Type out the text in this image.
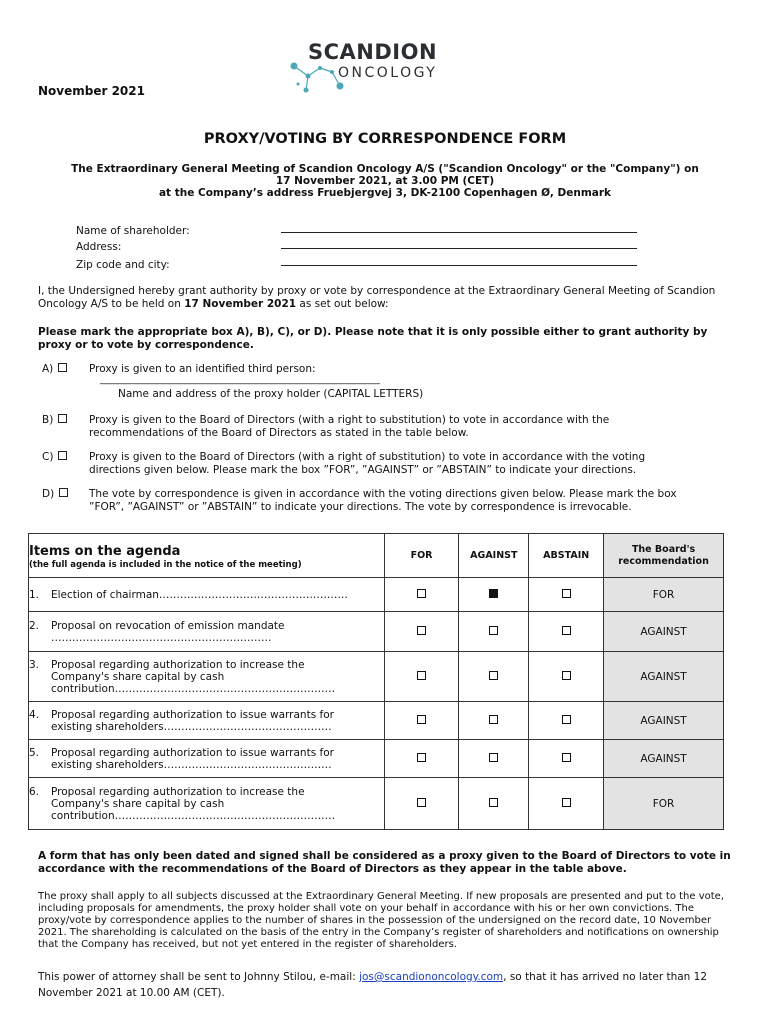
November 2021
SCANDION
ONCOLOGY
PROXY/VOTING BY CORRESPONDENCE FORM
The Extraordinary General Meeting of Scandion Oncology A/S ("Scandion Oncology" or the "Company") on
17 November 2021, at 3.00 PM (CET)
at the Company’s address Fruebjergvej 3, DK-2100 Copenhagen Ø, Denmark
Name of shareholder:
Address:
Zip code and city:
I, the Undersigned hereby grant authority by proxy or vote by correspondence at the Extraordinary General Meeting of Scandion Oncology A/S to be held on 17 November 2021 as set out below:
Please mark the appropriate box A), B), C), or D). Please note that it is only possible either to grant authority by proxy or to vote by correspondence.
A)	Proxy is given to an identified third person:
________________________________________________________
Name and address of the proxy holder (CAPITAL LETTERS)
B)	Proxy is given to the Board of Directors (with a right to substitution) to vote in accordance with the recommendations of the Board of Directors as stated in the table below.
C)	Proxy is given to the Board of Directors (with a right of substitution) to vote in accordance with the voting directions given below. Please mark the box ”FOR”, ”AGAINST” or ”ABSTAIN” to indicate your directions.
D)	The vote by correspondence is given in accordance with the voting directions given below. Please mark the box ”FOR”, ”AGAINST” or ”ABSTAIN” to indicate your directions. The vote by correspondence is irrevocable.
Items on the agenda
(the full agenda is included in the notice of the meeting)	FOR	AGAINST	ABSTAIN	The Board's recommendation
1. Election of chairman………………………………………………				FOR
2. Proposal on revocation of emission mandate ………………………………………………………				AGAINST
3. Proposal regarding authorization to increase the Company's share capital by cash contribution………………………………………………………				AGAINST
4. Proposal regarding authorization to issue warrants for existing shareholders…………………………………………				AGAINST
5. Proposal regarding authorization to issue warrants for existing shareholders…………………………………………				AGAINST
6. Proposal regarding authorization to increase the Company's share capital by cash contribution………………………………………………………				FOR
A form that has only been dated and signed shall be considered as a proxy given to the Board of Directors to vote in accordance with the recommendations of the Board of Directors as they appear in the table above.
The proxy shall apply to all subjects discussed at the Extraordinary General Meeting. If new proposals are presented and put to the vote, including proposals for amendments, the proxy holder shall vote on your behalf in accordance with his or her own convictions. The proxy/vote by correspondence applies to the number of shares in the possession of the undersigned on the record date, 10 November 2021. The shareholding is calculated on the basis of the entry in the Company’s register of shareholders and notifications on ownership that the Company has received, but not yet entered in the register of shareholders.
This power of attorney shall be sent to Johnny Stilou, e-mail: jos@scandiononcology.com, so that it has arrived no later than 12 November 2021 at 10.00 AM (CET).
